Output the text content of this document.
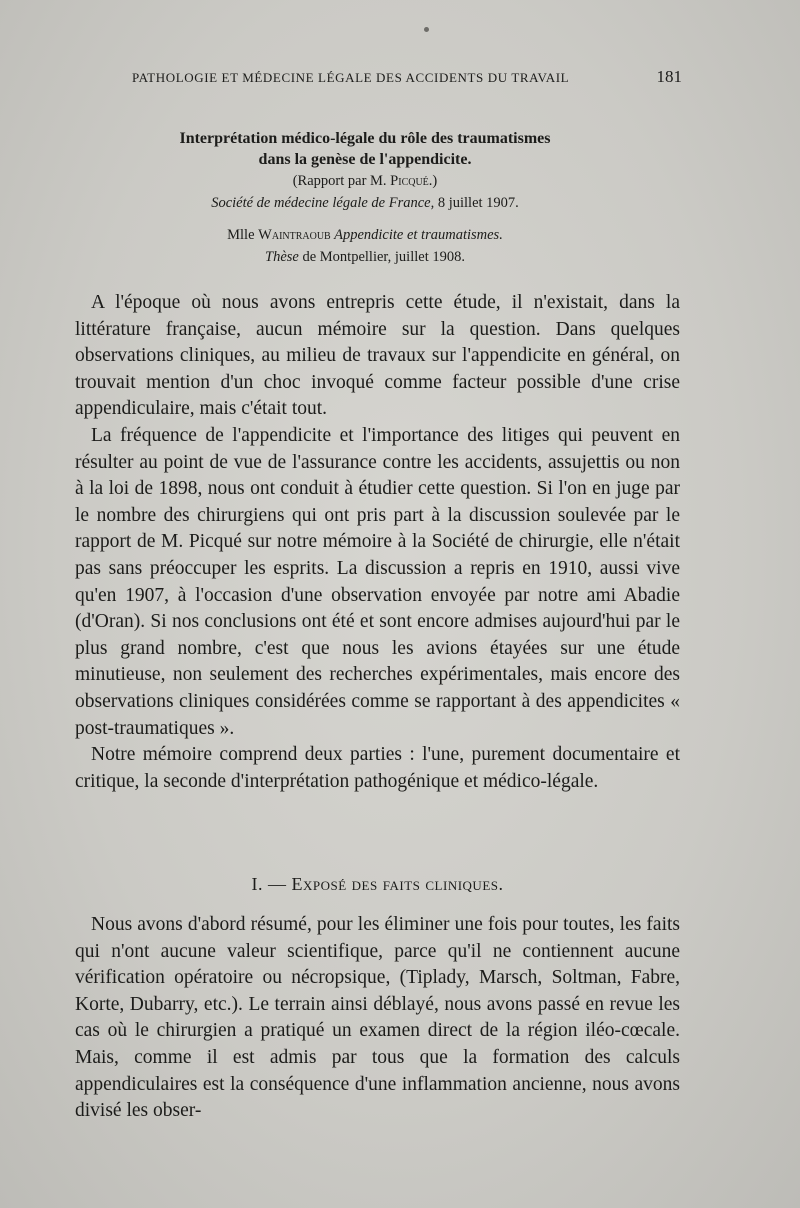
PATHOLOGIE ET MÉDECINE LÉGALE DES ACCIDENTS DU TRAVAIL	181
Interprétation médico-légale du rôle des traumatismes
dans la genèse de l'appendicite.
(Rapport par M. Picqué.)
Société de médecine légale de France, 8 juillet 1907.
Mlle Waintraoub Appendicite et traumatismes.
Thèse de Montpellier, juillet 1908.

A l'époque où nous avons entrepris cette étude, il n'existait, dans la littérature française, aucun mémoire sur la question. Dans quelques observations cliniques, au milieu de travaux sur l'appendicite en général, on trouvait mention d'un choc invoqué comme facteur possible d'une crise appendiculaire, mais c'était tout.

La fréquence de l'appendicite et l'importance des litiges qui peuvent en résulter au point de vue de l'assurance contre les accidents, assujettis ou non à la loi de 1898, nous ont conduit à étudier cette question. Si l'on en juge par le nombre des chirurgiens qui ont pris part à la discussion soulevée par le rapport de M. Picqué sur notre mémoire à la Société de chirurgie, elle n'était pas sans préoccuper les esprits. La discussion a repris en 1910, aussi vive qu'en 1907, à l'occasion d'une observation envoyée par notre ami Abadie (d'Oran). Si nos conclusions ont été et sont encore admises aujourd'hui par le plus grand nombre, c'est que nous les avions étayées sur une étude minutieuse, non seulement des recherches expérimentales, mais encore des observations cliniques considérées comme se rapportant à des appendicites « post-traumatiques ».

Notre mémoire comprend deux parties : l'une, purement documentaire et critique, la seconde d'interprétation pathogénique et médico-légale.

I. — Exposé des faits cliniques.

Nous avons d'abord résumé, pour les éliminer une fois pour toutes, les faits qui n'ont aucune valeur scientifique, parce qu'il ne contiennent aucune vérification opératoire ou nécropsique, (Tiplady, Marsch, Soltman, Fabre, Korte, Dubarry, etc.). Le terrain ainsi déblayé, nous avons passé en revue les cas où le chirurgien a pratiqué un examen direct de la région iléo-cœcale. Mais, comme il est admis par tous que la formation des calculs appendiculaires est la conséquence d'une inflammation ancienne, nous avons divisé les obser-
